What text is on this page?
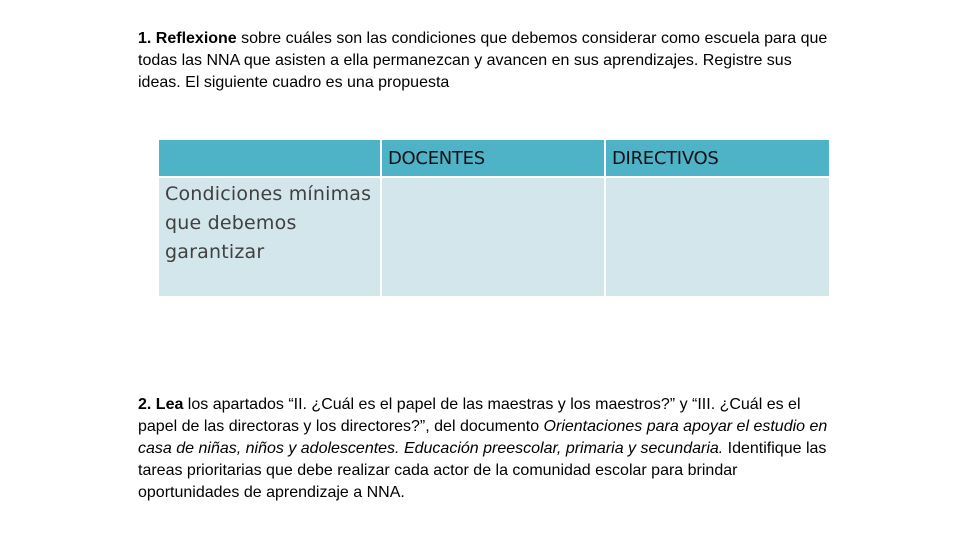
1. Reflexione sobre cuáles son las condiciones que debemos considerar como escuela para que todas las NNA que asisten a ella permanezcan y avancen en sus aprendizajes. Registre sus ideas. El siguiente cuadro es una propuesta

	DOCENTES	DIRECTIVOS
Condiciones mínimas que debemos garantizar		

2. Lea los apartados “II. ¿Cuál es el papel de las maestras y los maestros?” y “III. ¿Cuál es el papel de las directoras y los directores?”, del documento Orientaciones para apoyar el estudio en casa de niñas, niños y adolescentes. Educación preescolar, primaria y secundaria. Identifique las tareas prioritarias que debe realizar cada actor de la comunidad escolar para brindar oportunidades de aprendizaje a NNA.
